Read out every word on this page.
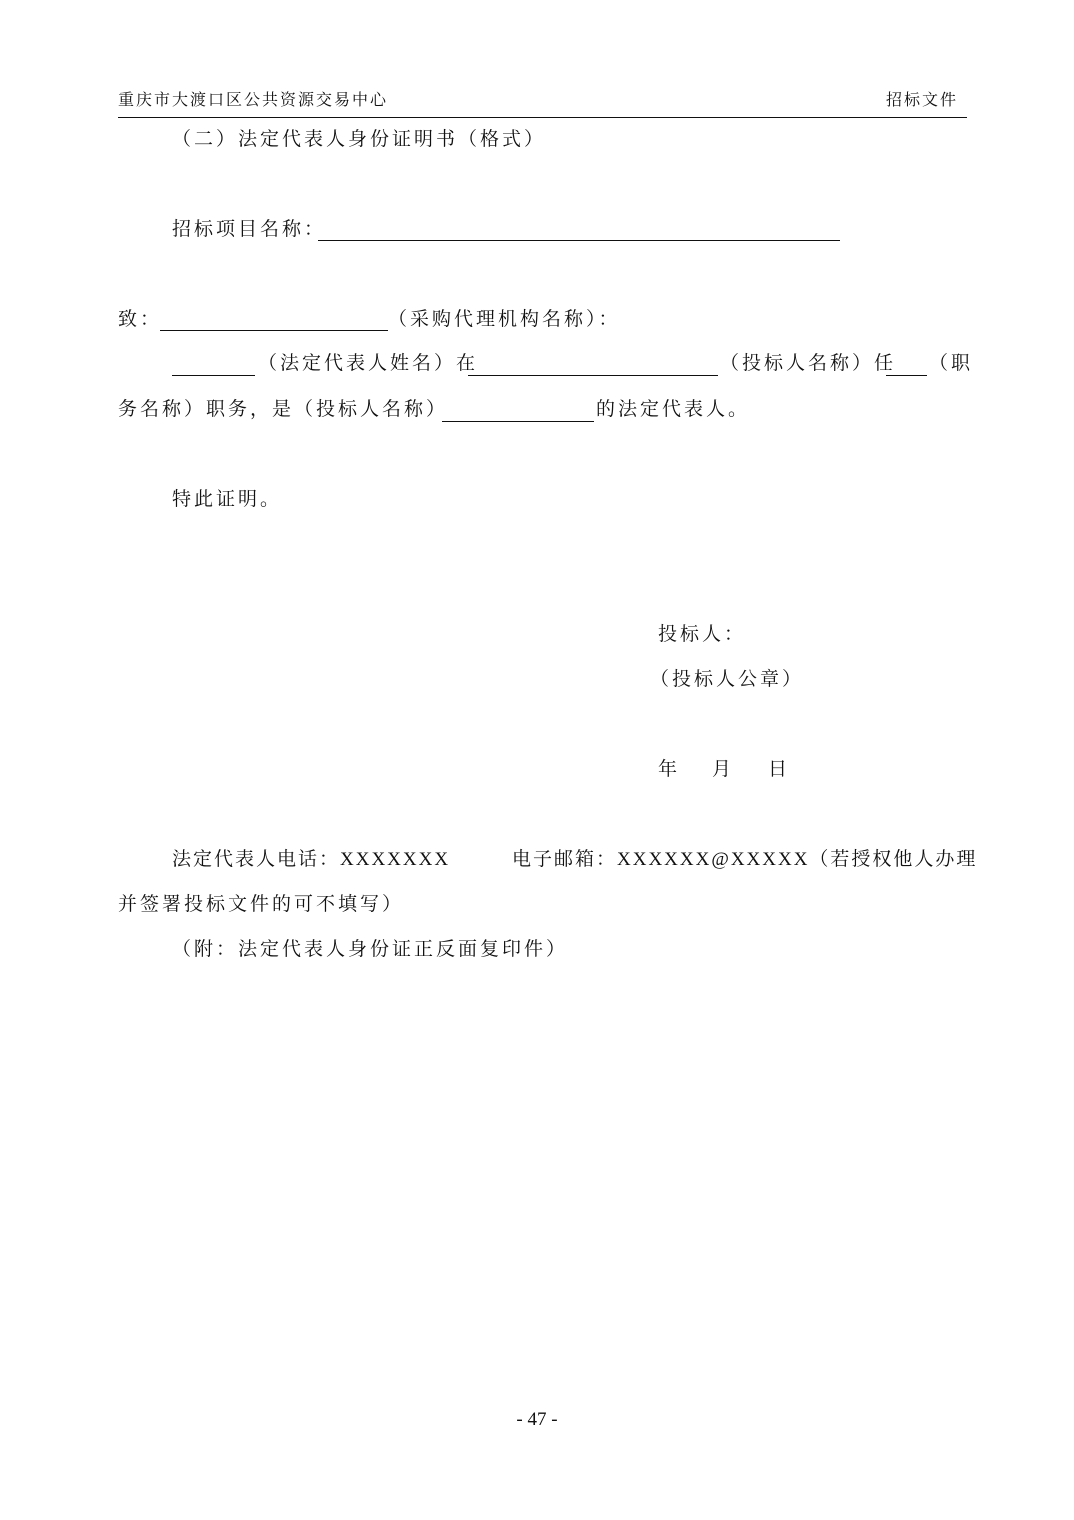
重庆市大渡口区公共资源交易中心	招标文件
（二）法定代表人身份证明书（格式）
招标项目名称：
致：	（采购代理机构名称）：
（法定代表人姓名）在	（投标人名称）任 （职
务名称）职务，是（投标人名称）	的法定代表人。
特此证明。
投标人：
（投标人公章）
年 月 日
法定代表人电话：XXXXXXX	电子邮箱：XXXXXX@XXXXX（若授权他人办理
并签署投标文件的可不填写）
（附：法定代表人身份证正反面复印件）
- 47 -
